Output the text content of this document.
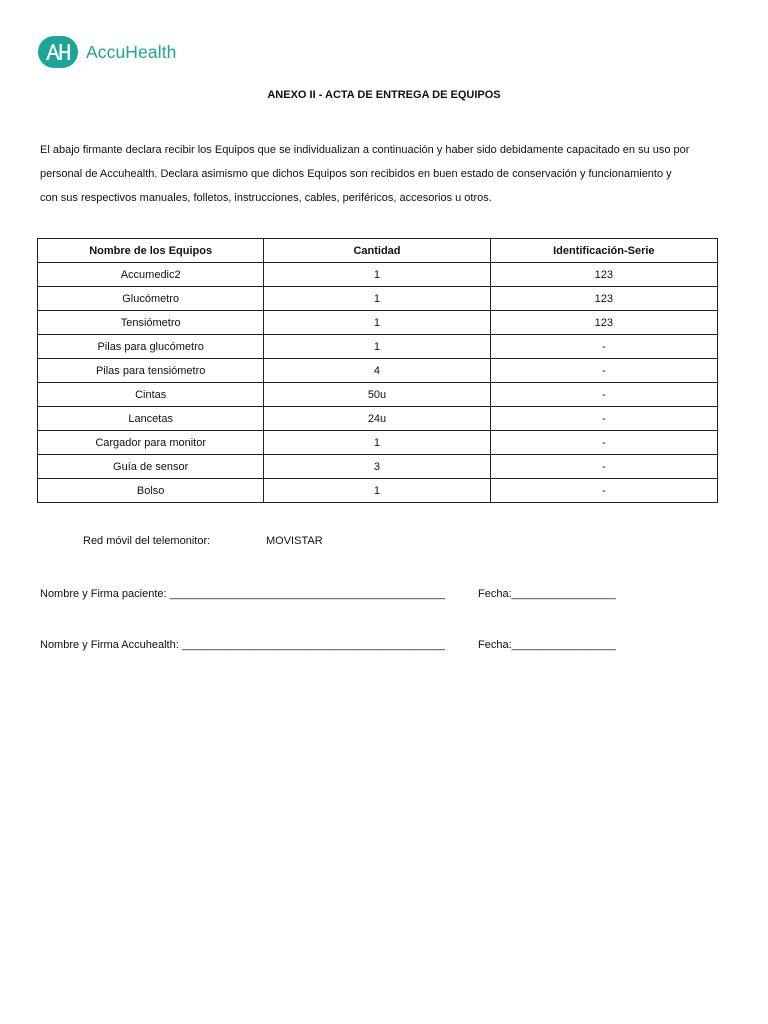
AccuHealth
ANEXO II - ACTA DE ENTREGA DE EQUIPOS

El abajo firmante declara recibir los Equipos que se individualizan a continuación y haber sido debidamente capacitado en su uso por
personal de Accuhealth. Declara asimismo que dichos Equipos son recibidos en buen estado de conservación y funcionamiento y
con sus respectivos manuales, folletos, instrucciones, cables, periféricos, accesorios u otros.

Nombre de los Equipos	Cantidad	Identificación-Serie
Accumedic2	1	123
Glucómetro	1	123
Tensiómetro	1	123
Pilas para glucómetro	1	-
Pilas para tensiómetro	4	-
Cintas	50u	-
Lancetas	24u	-
Cargador para monitor	1	-
Guía de sensor	3	-
Bolso	1	-
Red móvil del telemonitor:	MOVISTAR
Nombre y Firma paciente: _____________________________________________	Fecha:_________________
Nombre y Firma Accuhealth: ___________________________________________	Fecha:_________________
